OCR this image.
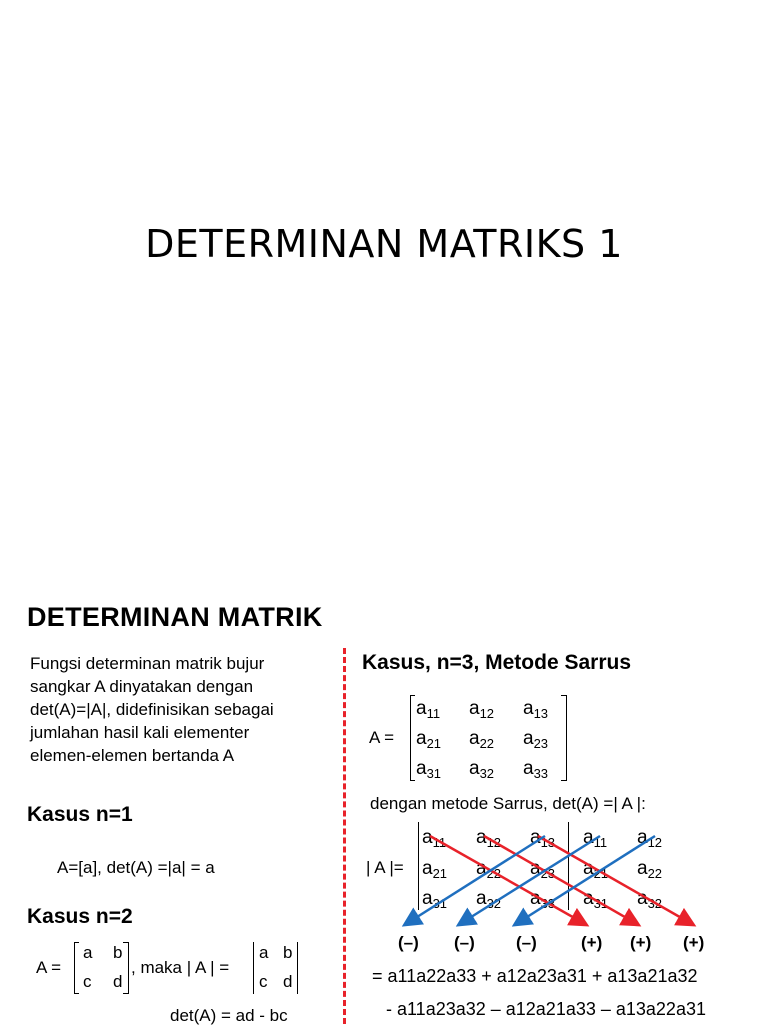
DETERMINAN MATRIKS 1
DETERMINAN MATRIK
Fungsi determinan matrik bujur
sangkar A dinyatakan dengan
det(A)=|A|, didefinisikan sebagai
jumlahan hasil kali elementer
elemen-elemen bertanda A
Kasus n=1
A=[a], det(A) =|a| = a
Kasus n=2
A =
a b
c d
, maka | A | =
a b
c d
det(A) = ad - bc
Kasus, n=3, Metode Sarrus
A =
$a_{11}$ $a_{12}$ $a_{13}$
$a_{21}$ $a_{22}$ $a_{23}$
$a_{31}$ $a_{32}$ $a_{33}$
dengan metode Sarrus, det(A) =| A |:
| A |=
$a_{11}$ $a_{12}$ $a_{13}$ $a_{11}$ $a_{12}$
$a_{21}$ $a_{22}$ $a_{23}$ $a_{21}$ $a_{22}$
$a_{31}$ $a_{32}$ $a_{33}$ $a_{31}$ $a_{32}$
(–) (–) (–)	(+) (+) (+)
= a11a22a33 + a12a23a31 + a13a21a32
- a11a23a32 – a12a21a33 – a13a22a31
